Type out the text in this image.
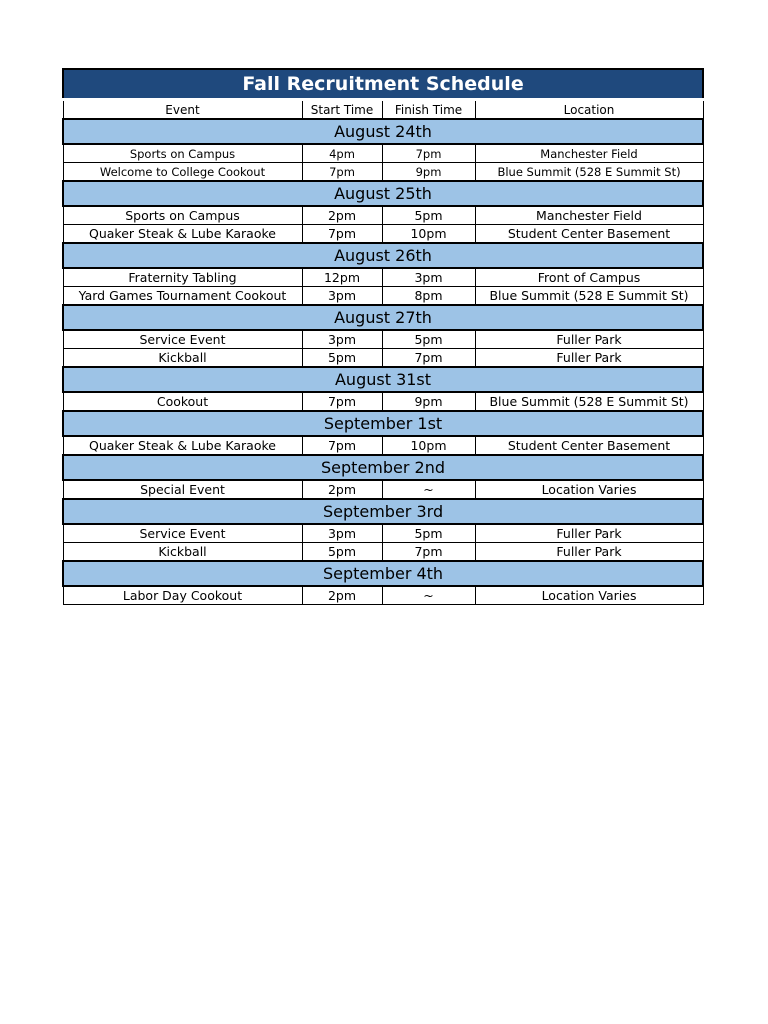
Fall Recruitment Schedule			
Event	Start Time	Finish Time	Location
August 24th			
Sports on Campus	4pm	7pm	Manchester Field
Welcome to College Cookout	7pm	9pm	Blue Summit (528 E Summit St)
August 25th			
Sports on Campus	2pm	5pm	Manchester Field
Quaker Steak & Lube Karaoke	7pm	10pm	Student Center Basement
August 26th			
Fraternity Tabling	12pm	3pm	Front of Campus
Yard Games Tournament Cookout	3pm	8pm	Blue Summit (528 E Summit St)
August 27th			
Service Event	3pm	5pm	Fuller Park
Kickball	5pm	7pm	Fuller Park
August 31st			
Cookout	7pm	9pm	Blue Summit (528 E Summit St)
September 1st			
Quaker Steak & Lube Karaoke	7pm	10pm	Student Center Basement
September 2nd			
Special Event	2pm	~	Location Varies
September 3rd			
Service Event	3pm	5pm	Fuller Park
Kickball	5pm	7pm	Fuller Park
September 4th			
Labor Day Cookout	2pm	~	Location Varies
